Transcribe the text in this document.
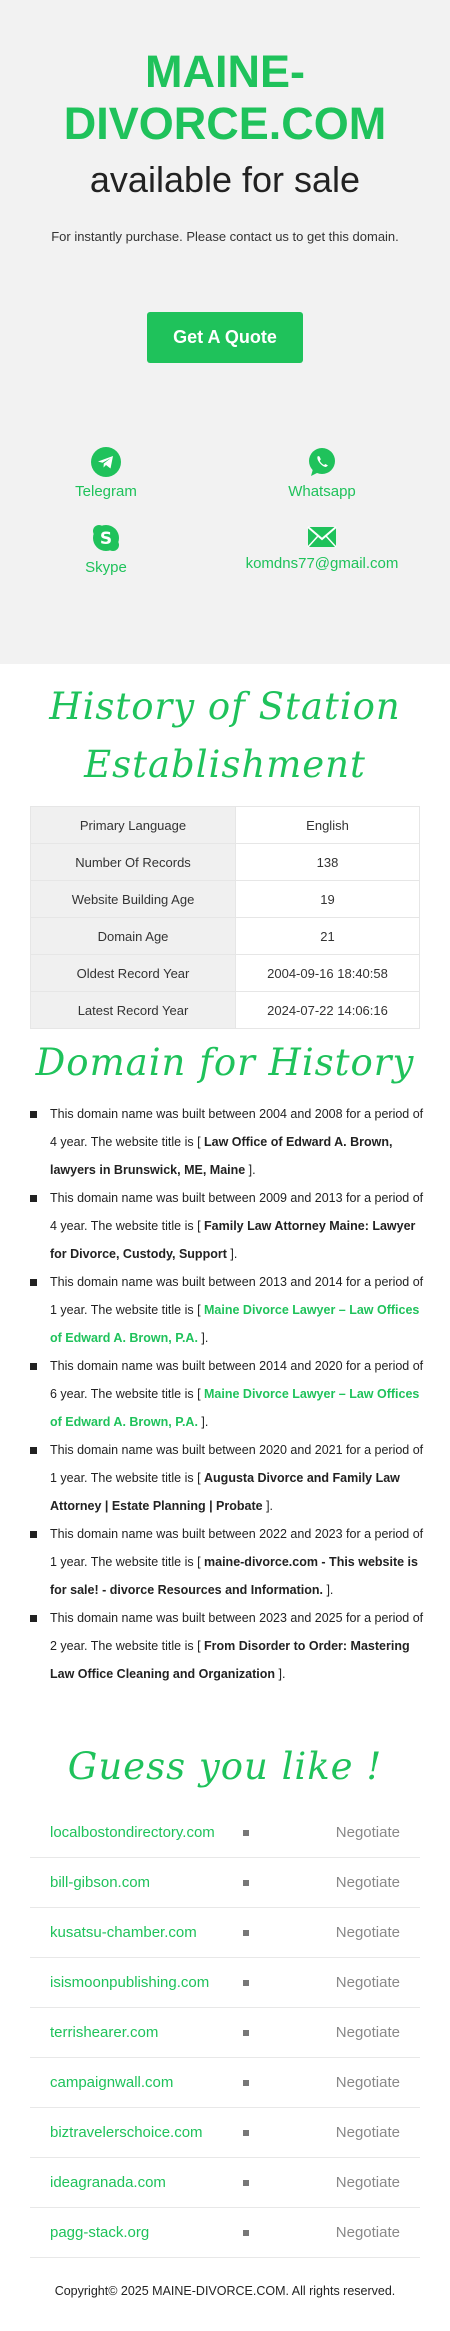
MAINE-
DIVORCE.COM
available for sale
For instantly purchase. Please contact us to get this domain.
Get A Quote
Telegram	Whatsapp
S
Skype	komdns77@gmail.com
History of Station
Establishment
Primary Language	English
Number Of Records	138
Website Building Age	19
Domain Age	21
Oldest Record Year	2004-09-16 18:40:58
Latest Record Year	2024-07-22 14:06:16
Domain for History
This domain name was built between 2004 and 2008 for a period of 4 year. The website title is [ Law Office of Edward A. Brown, lawyers in Brunswick, ME, Maine ].
This domain name was built between 2009 and 2013 for a period of 4 year. The website title is [ Family Law Attorney Maine: Lawyer for Divorce, Custody, Support ].
This domain name was built between 2013 and 2014 for a period of 1 year. The website title is [ Maine Divorce Lawyer – Law Offices of Edward A. Brown, P.A. ].
This domain name was built between 2014 and 2020 for a period of 6 year. The website title is [ Maine Divorce Lawyer – Law Offices of Edward A. Brown, P.A. ].
This domain name was built between 2020 and 2021 for a period of 1 year. The website title is [ Augusta Divorce and Family Law Attorney | Estate Planning | Probate ].
This domain name was built between 2022 and 2023 for a period of 1 year. The website title is [ maine-divorce.com - This website is for sale! - divorce Resources and Information. ].
This domain name was built between 2023 and 2025 for a period of 2 year. The website title is [ From Disorder to Order: Mastering Law Office Cleaning and Organization ].
Guess you like !
localbostondirectory.com	Negotiate
bill-gibson.com	Negotiate
kusatsu-chamber.com	Negotiate
isismoonpublishing.com	Negotiate
terrishearer.com	Negotiate
campaignwall.com	Negotiate
biztravelerschoice.com	Negotiate
ideagranada.com	Negotiate
pagg-stack.org	Negotiate
Copyright© 2025 MAINE-DIVORCE.COM. All rights reserved.
